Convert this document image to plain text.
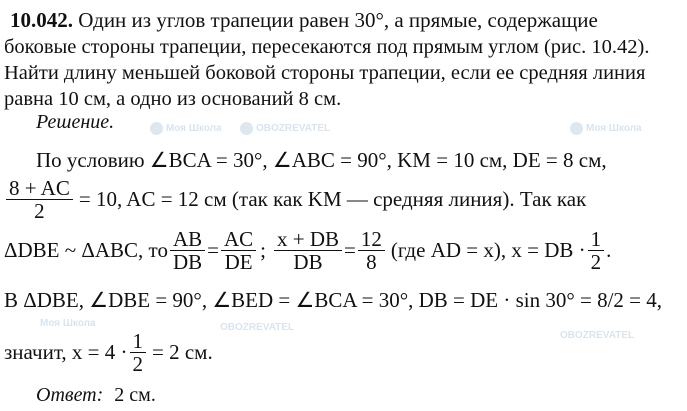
Моя Школа	OBOZREVATEL	Моя Школа
Моя Школа	OBOZREVATEL
OBOZREVATEL
10.042. Один из углов трапеции равен 30°, а прямые, содержащие
боковые стороны трапеции, пересекаются под прямым углом (рис. 10.42).
Найти длину меньшей боковой стороны трапеции, если ее средняя линия
равна 10 см, а одно из оснований 8 см.
Решение.
По условию ∠BCA = 30°, ∠ABC = 90°, KM = 10 см, DE = 8 см,
$\frac{8 + AC}{2} = 10$, AC = 12 см (так как KM — средняя линия). Так как
ΔDBE ~ ΔABC, то $\frac{AB}{DB} = \frac{AC}{DE}$ ; $\frac{x + DB}{DB} = \frac{12}{8} (где$ AD = x), x = DB · $\frac{1}{2}$ .
В ΔDBE, ∠DBE = 90°, ∠BED = ∠BCA = 30°, DB = DE · sin 30° = 8/2 = 4,
значит, $x = 4 \cdot \frac{1}{2} = 2$ см.
Ответ: 2 см.
